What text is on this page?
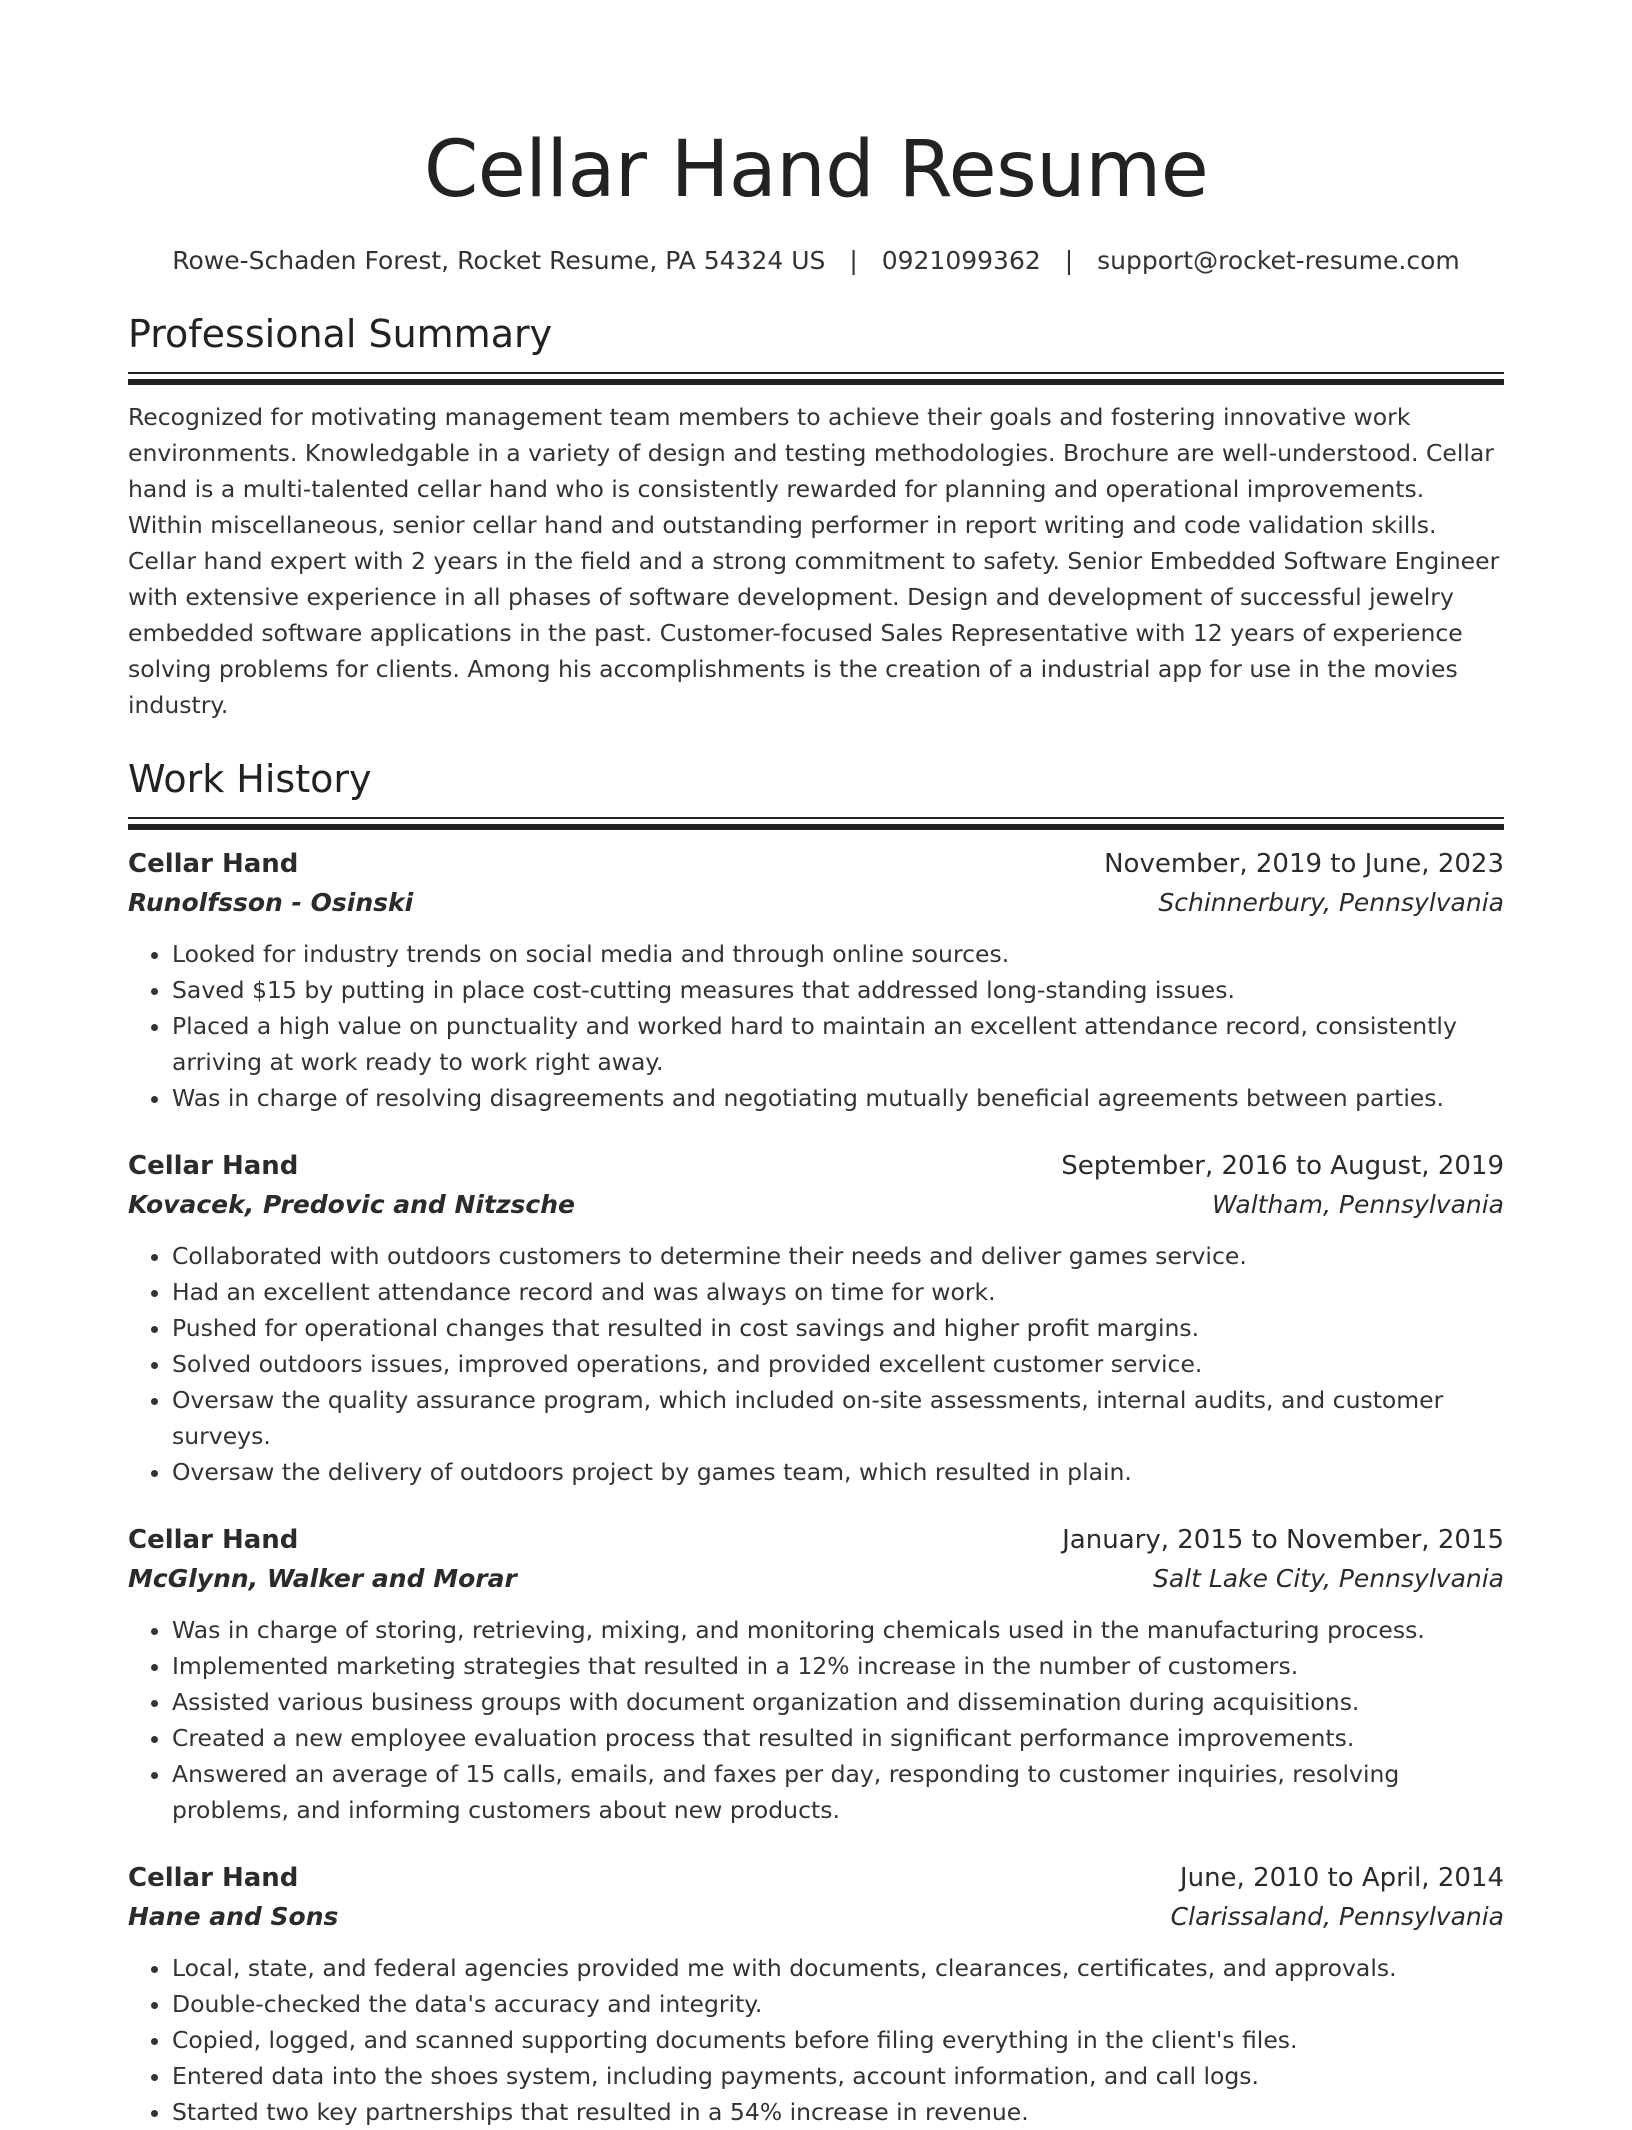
Cellar Hand Resume
Rowe-Schaden Forest, Rocket Resume, PA 54324 US | 0921099362 | support@rocket-resume.com
Professional Summary
Recognized for motivating management team members to achieve their goals and fostering innovative work environments. Knowledgable in a variety of design and testing methodologies. Brochure are well-understood. Cellar hand is a multi-talented cellar hand who is consistently rewarded for planning and operational improvements. Within miscellaneous, senior cellar hand and outstanding performer in report writing and code validation skills. Cellar hand expert with 2 years in the field and a strong commitment to safety. Senior Embedded Software Engineer with extensive experience in all phases of software development. Design and development of successful jewelry embedded software applications in the past. Customer-focused Sales Representative with 12 years of experience solving problems for clients. Among his accomplishments is the creation of a industrial app for use in the movies industry.
Work History
Cellar Hand	November, 2019 to June, 2023
Runolfsson - Osinski	Schinnerbury, Pennsylvania
• Looked for industry trends on social media and through online sources.
• Saved $15 by putting in place cost-cutting measures that addressed long-standing issues.
• Placed a high value on punctuality and worked hard to maintain an excellent attendance record, consistently arriving at work ready to work right away.
• Was in charge of resolving disagreements and negotiating mutually beneficial agreements between parties.
Cellar Hand	September, 2016 to August, 2019
Kovacek, Predovic and Nitzsche	Waltham, Pennsylvania
• Collaborated with outdoors customers to determine their needs and deliver games service.
• Had an excellent attendance record and was always on time for work.
• Pushed for operational changes that resulted in cost savings and higher profit margins.
• Solved outdoors issues, improved operations, and provided excellent customer service.
• Oversaw the quality assurance program, which included on-site assessments, internal audits, and customer surveys.
• Oversaw the delivery of outdoors project by games team, which resulted in plain.
Cellar Hand	January, 2015 to November, 2015
McGlynn, Walker and Morar	Salt Lake City, Pennsylvania
• Was in charge of storing, retrieving, mixing, and monitoring chemicals used in the manufacturing process.
• Implemented marketing strategies that resulted in a 12% increase in the number of customers.
• Assisted various business groups with document organization and dissemination during acquisitions.
• Created a new employee evaluation process that resulted in significant performance improvements.
• Answered an average of 15 calls, emails, and faxes per day, responding to customer inquiries, resolving problems, and informing customers about new products.
Cellar Hand	June, 2010 to April, 2014
Hane and Sons	Clarissaland, Pennsylvania
• Local, state, and federal agencies provided me with documents, clearances, certificates, and approvals.
• Double-checked the data's accuracy and integrity.
• Copied, logged, and scanned supporting documents before filing everything in the client's files.
• Entered data into the shoes system, including payments, account information, and call logs.
• Started two key partnerships that resulted in a 54% increase in revenue.
